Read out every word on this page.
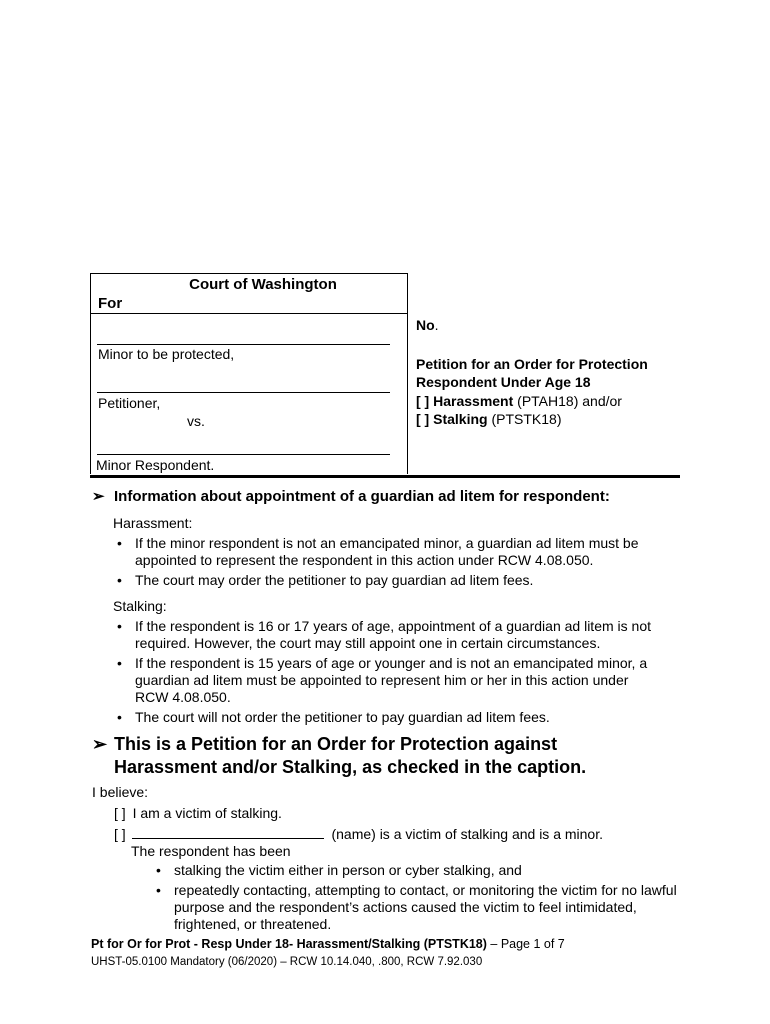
Court of Washington
For
Minor to be protected,
Petitioner,
vs.
Minor Respondent.
No.
Petition for an Order for Protection
Respondent Under Age 18
[ ] Harassment (PTAH18) and/or
[ ] Stalking (PTSTK18)
➢ Information about appointment of a guardian ad litem for respondent:
Harassment:
• If the minor respondent is not an emancipated minor, a guardian ad litem must be appointed to represent the respondent in this action under RCW 4.08.050.
• The court may order the petitioner to pay guardian ad litem fees.
Stalking:
• If the respondent is 16 or 17 years of age, appointment of a guardian ad litem is not required. However, the court may still appoint one in certain circumstances.
• If the respondent is 15 years of age or younger and is not an emancipated minor, a guardian ad litem must be appointed to represent him or her in this action under RCW 4.08.050.
• The court will not order the petitioner to pay guardian ad litem fees.
➢ This is a Petition for an Order for Protection against Harassment and/or Stalking, as checked in the caption.
I believe:
[ ] I am a victim of stalking.
[ ]	(name) is a victim of stalking and is a minor.
The respondent has been
• stalking the victim either in person or cyber stalking, and
• repeatedly contacting, attempting to contact, or monitoring the victim for no lawful purpose and the respondent’s actions caused the victim to feel intimidated, frightened, or threatened.
Pt for Or for Prot - Resp Under 18- Harassment/Stalking (PTSTK18) – Page 1 of 7
UHST-05.0100 Mandatory (06/2020) – RCW 10.14.040, .800, RCW 7.92.030
